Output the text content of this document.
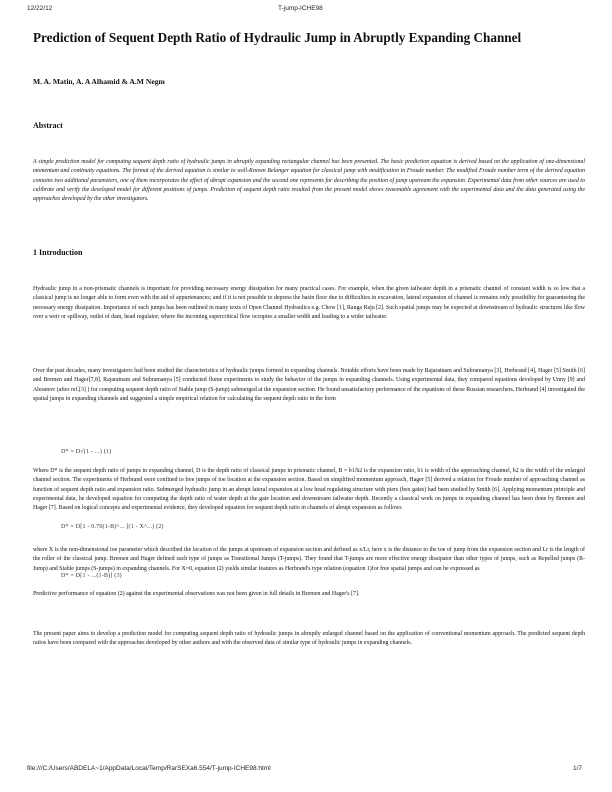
12/22/12	T-jump-ICHE98
Prediction of Sequent Depth Ratio of Hydraulic Jump in Abruptly Expanding Channel
M. A. Matin, A. A Alhamid & A.M Negm
Abstract
A simple prediction model for computing sequent depth ratio of hydraulic jumps in abruptly expanding rectangular channel has been presented. The basic prediction equation is derived based on the application of one-dimensional momentum and continuity equations. The format of the derived equation is similar to well-Known Belanger equation for classical jump with modification in Froude number. The modified Froude number term of the derived equation contains two additional parameters, one of them incorporates the effect of abrupt expansion and the second one represents for describing the position of jump upstream the expansion. Experimental data from other sources are used to calibrate and verify the developed model for different positions of jumps. Prediction of sequent depth ratio resulted from the present model shows reasonable agreement with the experimental data and the data generated using the approaches developed by the other investigators.
1 Introduction
Hydraulic jump in a non-prismatic channels is important for providing necessary energy dissipation for many practical cases. For example, when the given tailwater depth in a prismatic channel of constant width is so low that a classical jump is no longer able to form even with the aid of appurtenances; and if it is not possible to depress the basin floor due to difficulties in excavation, lateral expansion of channel is remains only possibility for guaranteeing the necessary energy dissipation. Importance of such jumps has been outlined in many texts of Open Channel Hydraulics e.g. Chow [1], Ranga Raju [2]. Such spatial jumps may be expected at downstream of hydraulic structures like flow over a weir or spillway, outlet of dam, head regulator, where the incoming supercritical flow occupies a smaller width and leading to a wider tailwater.
Over the past decades, many investigators had been studied the characteristics of hydraulic jumps formed in expanding channels. Notable efforts have been made by Rajaratnam and Subramanya [3], Herbrand [4], Hager [5] Smith [6] and Bremen and Hager[7,8]. Rajaratnam and Subramanya [5] conducted flume experiments to study the behavior of the jumps in expanding channels. Using experimental data, they compared equations developed by Unny [9] and Abramov (after ref.[3] ) for computing sequent depth ratio of Stable jump (S-jump) submerged at the expansion section. He found unsatisfactory performance of the equations of these Russian researchers. Herbrand [4] investigated the spatial jumps in expanding channels and suggested a simple empirical relation for calculating the sequent depth ratio in the form
D* = D√(1 - ...) (1)
Where D* is the sequent depth ratio of jumps in expanding channel, D is the depth ratio of classical jumps in prismatic channel, B = b1/b2 is the expansion ratio, b1 is width of the approaching channel, b2 is the width of the enlarged channel section. The experiments of Herbrand were confined to free jumps of toe location at the expansion section. Based on simplified momentum approach, Hager [5] derived a relation for Froude number of approaching channel as function of sequent depth ratio and expansion ratio. Submerged hydraulic jump in an abrupt lateral expansion at a low head regulating structure with piers (box gates) had been studied by Smith [6]. Applying momentum principle and experimental data, he developed equation for computing the depth ratio of water depth at the gate location and downstream tailwater depth. Recently a classical work on jumps in expanding channel has been done by Bremen and Hager [7]. Based on logical concepts and experimental evidence, they developed equation for sequent depth ratio in channels of abrupt expansion as follows
D* = D[1 - 0.70(1-B)^... ](1 - X^...) (2)
where X is the non-dimensional toe parameter which described the location of the jumps at upstream of expansion section and defined as x/Lr, here x is the distance to the toe of jump from the expansion section and Lr is the length of the roller of the classical jump. Bremen and Hager defined such type of jumps as Transitional Jumps (T-jumps). They found that T-jumps are more effective energy dissipator than other types of jumps, such as Repelled jumps (R-Jump) and Stable jumps (S-jumps) in expanding channels. For X=0, equation (2) yields similar features as Herbrand's type relation (equation 1)for free spatial jumps and can be expressed as
D* = D[1 - ...(1-B)] (3)
Predictive performance of equation (2) against the experimental observations was not been given in full details in Bremen and Hager's [7].
The present paper aims to develop a prediction model for computing sequent depth ratio of hydraulic jumps in abruptly enlarged channel based on the application of conventional momentum approach. The predicted sequent depth ratios have been compared with the approaches developed by other authors and with the observed data of similar type of hydraulic jumps in expanding channels.
file:///C:/Users/ABDELA~1/AppData/Local/Temp/RarSEXa6.554/T-jump-ICHE98.html	1/7
